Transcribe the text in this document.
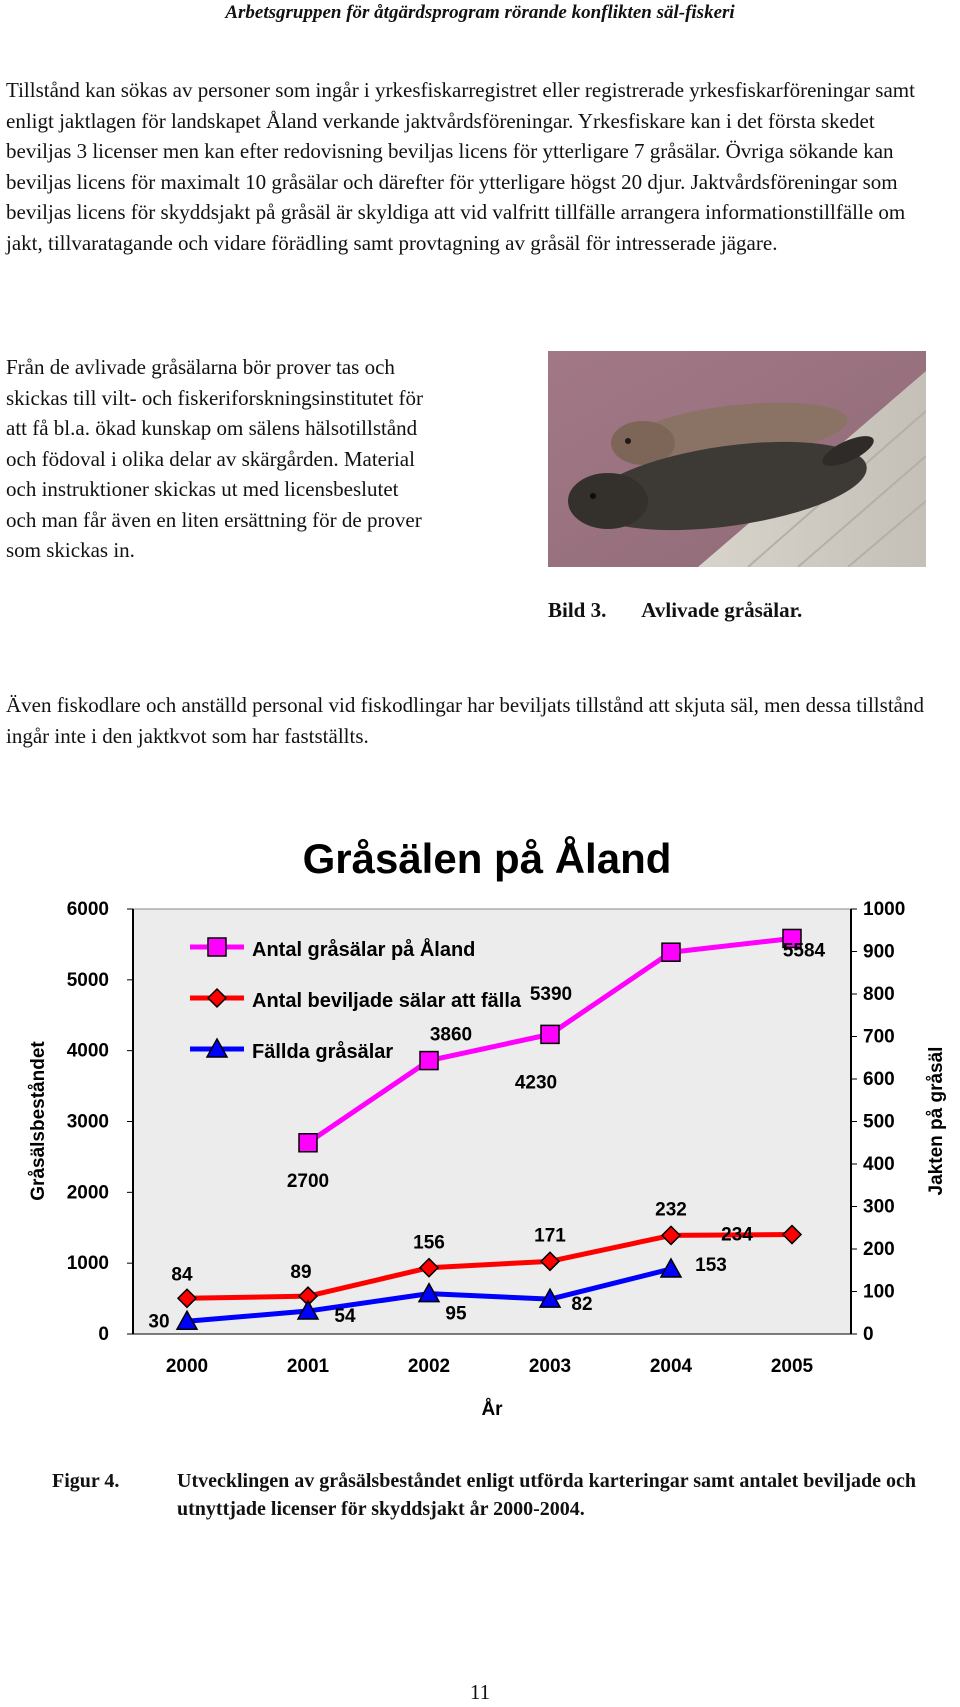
Arbetsgruppen för åtgärdsprogram rörande konflikten säl-fiskeri

Tillstånd kan sökas av personer som ingår i yrkesfiskarregistret eller registrerade yrkesfiskarföreningar samt enligt jaktlagen för landskapet Åland verkande jaktvårdsföreningar. Yrkesfiskare kan i det första skedet beviljas 3 licenser men kan efter redovisning beviljas licens för ytterligare 7 gråsälar. Övriga sökande kan beviljas licens för maximalt 10 gråsälar och därefter för ytterligare högst 20 djur. Jaktvårdsföreningar som beviljas licens för skyddsjakt på gråsäl är skyldiga att vid valfritt tillfälle arrangera informationstillfälle om jakt, tillvaratagande och vidare förädling samt provtagning av gråsäl för intresserade jägare.

Från de avlivade gråsälarna bör prover tas och skickas till vilt- och fiskeriforskningsinstitutet för att få bl.a. ökad kunskap om sälens hälsotillstånd och födoval i olika delar av skärgården. Material och instruktioner skickas ut med licensbeslutet och man får även en liten ersättning för de prover som skickas in.

Bild 3. Avlivade gråsälar.

Även fiskodlare och anställd personal vid fiskodlingar har beviljats tillstånd att skjuta säl, men dessa tillstånd ingår inte i den jaktkvot som har fastställts.

Gråsälen på Åland
0
1000
2000
3000
4000
5000
6000
0
100
200
300
400
500
600
700
800
900
1000
2000	2001	2002	2003	2004	2005
Gråsälsbeståndet	Jakten på gråsäl
År
2700
3860
4230
5390
5584
84	89
156	171
232
234
30	54	95	82
153
Antal gråsälar på Åland
Antal beviljade sälar att fälla
Fällda gråsälar
Figur 4.	Utvecklingen av gråsälsbeståndet enligt utförda karteringar samt antalet beviljade och utnyttjade licenser för skyddsjakt år 2000-2004.
11
